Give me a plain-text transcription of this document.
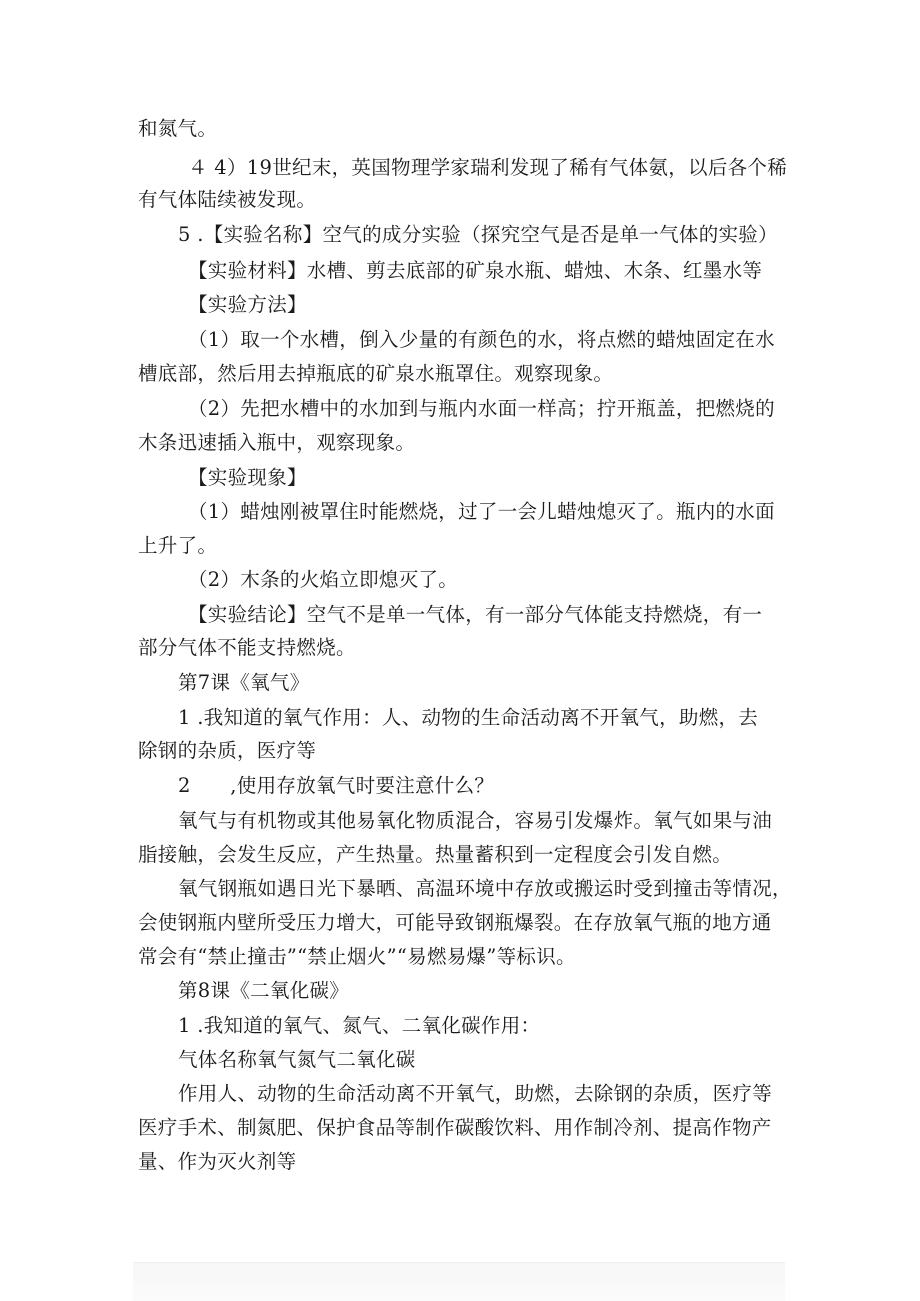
和氮气。
４ 4）19世纪末，英国物理学家瑞利发现了稀有气体氨，以后各个稀
有气体陆续被发现。
5 .【实验名称】空气的成分实验（探究空气是否是单一气体的实验）
【实验材料】水槽、剪去底部的矿泉水瓶、蜡烛、木条、红墨水等
【实验方法】
（1）取一个水槽，倒入少量的有颜色的水，将点燃的蜡烛固定在水
槽底部，然后用去掉瓶底的矿泉水瓶罩住。观察现象。
（2）先把水槽中的水加到与瓶内水面一样高；拧开瓶盖，把燃烧的
木条迅速插入瓶中，观察现象。
【实验现象】
（1）蜡烛刚被罩住时能燃烧，过了一会儿蜡烛熄灭了。瓶内的水面
上升了。
（2）木条的火焰立即熄灭了。
【实验结论】空气不是单一气体，有一部分气体能支持燃烧，有一
部分气体不能支持燃烧。
第7课《氧气》
1 .我知道的氧气作用：人、动物的生命活动离不开氧气，助燃，去
除钢的杂质，医疗等
2　　,使用存放氧气时要注意什么？
氧气与有机物或其他易氧化物质混合，容易引发爆炸。氧气如果与油
脂接触，会发生反应，产生热量。热量蓄积到一定程度会引发自燃。
氧气钢瓶如遇日光下暴晒、高温环境中存放或搬运时受到撞击等情况，
会使钢瓶内壁所受压力增大，可能导致钢瓶爆裂。在存放氧气瓶的地方通
常会有“禁止撞击”“禁止烟火”“易燃易爆”等标识。
第8课《二氧化碳》
1 .我知道的氧气、氮气、二氧化碳作用：
气体名称氧气氮气二氧化碳
作用人、动物的生命活动离不开氧气，助燃，去除钢的杂质，医疗等
医疗手术、制氮肥、保护食品等制作碳酸饮料、用作制冷剂、提高作物产
量、作为灭火剂等
